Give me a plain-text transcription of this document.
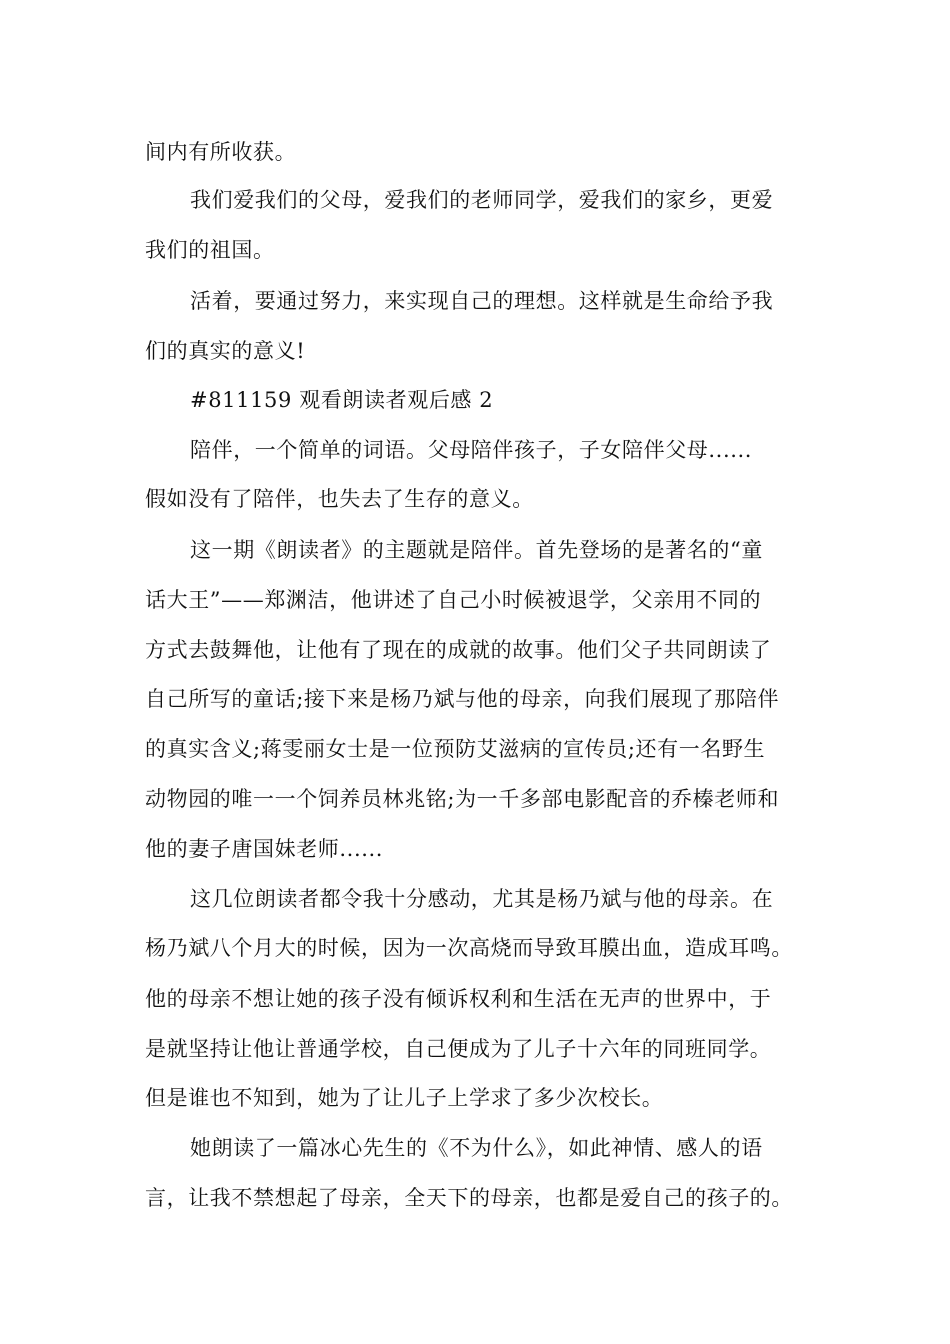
间内有所收获。
我们爱我们的父母，爱我们的老师同学，爱我们的家乡，更爱
我们的祖国。
活着，要通过努力，来实现自己的理想。这样就是生命给予我
们的真实的意义!
#811159 观看朗读者观后感 2
陪伴，一个简单的词语。父母陪伴孩子，子女陪伴父母......
假如没有了陪伴，也失去了生存的意义。
这一期《朗读者》的主题就是陪伴。首先登场的是著名的“童
话大王”——郑渊洁，他讲述了自己小时候被退学，父亲用不同的
方式去鼓舞他，让他有了现在的成就的故事。他们父子共同朗读了
自己所写的童话;接下来是杨乃斌与他的母亲，向我们展现了那陪伴
的真实含义;蒋雯丽女士是一位预防艾滋病的宣传员;还有一名野生
动物园的唯一一个饲养员林兆铭;为一千多部电影配音的乔榛老师和
他的妻子唐国妹老师......
这几位朗读者都令我十分感动，尤其是杨乃斌与他的母亲。在
杨乃斌八个月大的时候，因为一次高烧而导致耳膜出血，造成耳鸣。
他的母亲不想让她的孩子没有倾诉权利和生活在无声的世界中，于
是就坚持让他让普通学校，自己便成为了儿子十六年的同班同学。
但是谁也不知到，她为了让儿子上学求了多少次校长。
她朗读了一篇冰心先生的《不为什么》，如此神情、感人的语
言，让我不禁想起了母亲，全天下的母亲，也都是爱自己的孩子的。
